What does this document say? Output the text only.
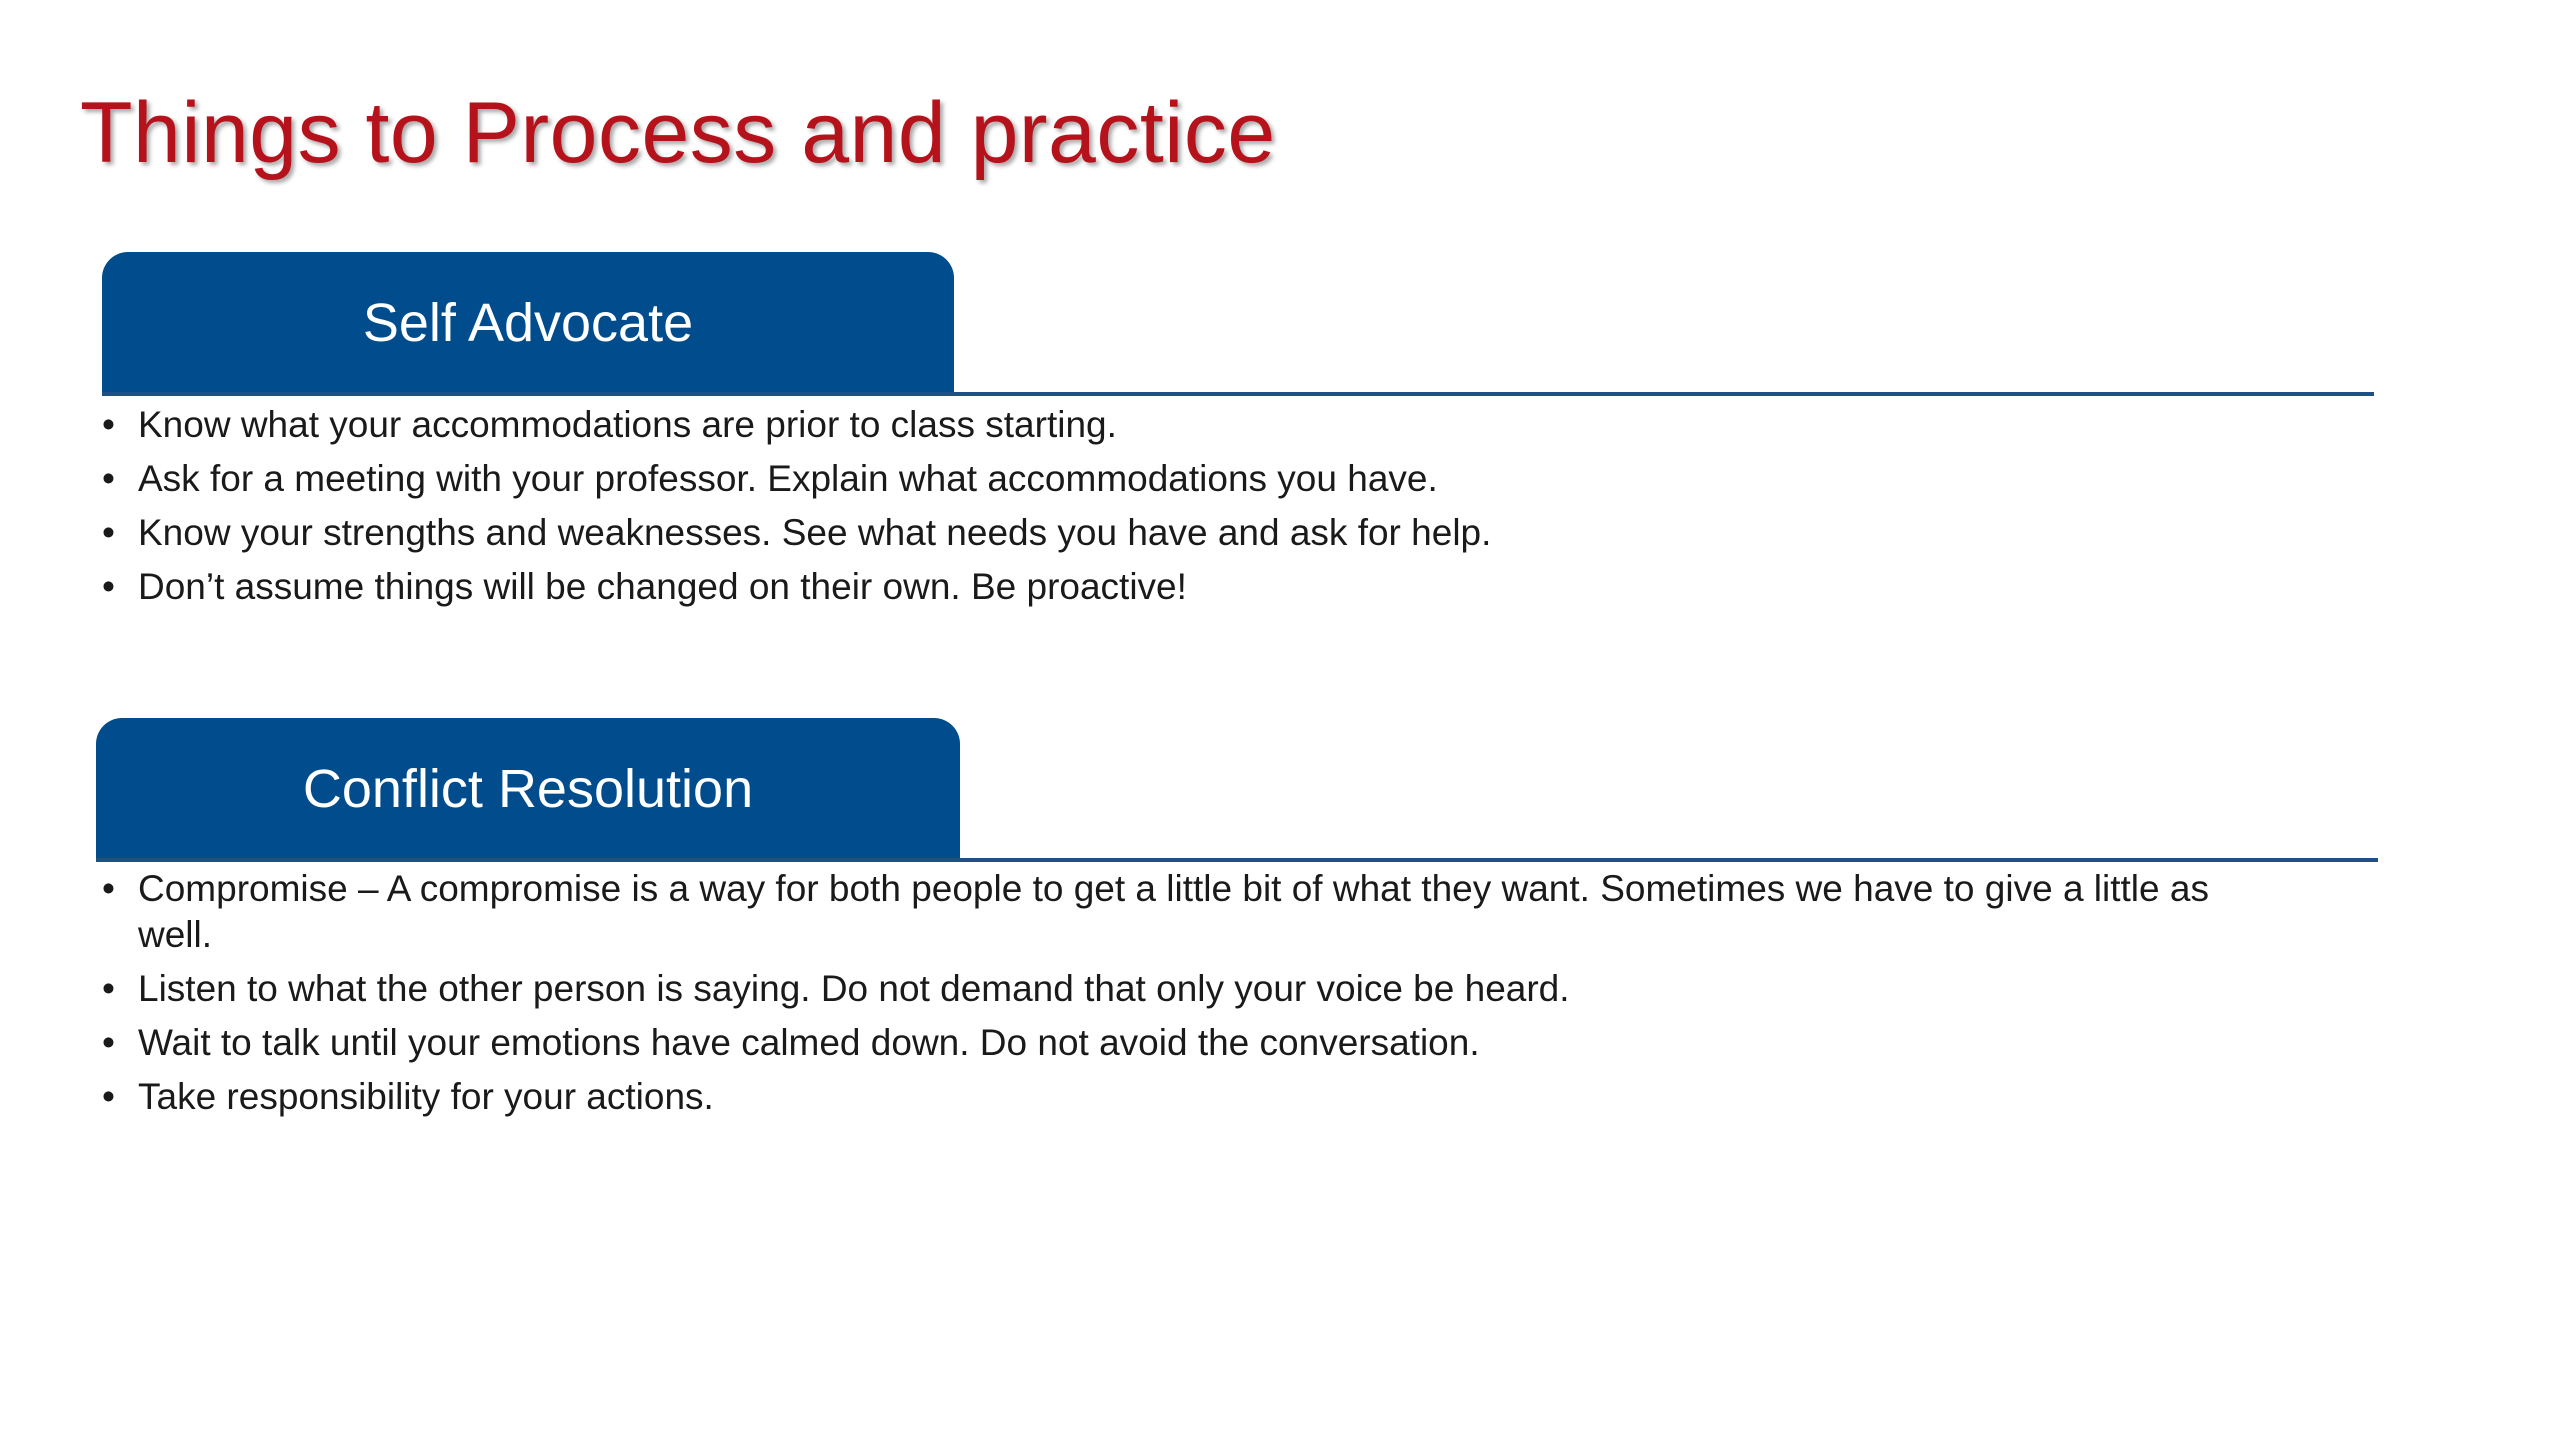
Things to Process and practice
Self Advocate
• Know what your accommodations are prior to class starting.
• Ask for a meeting with your professor. Explain what accommodations you have.
• Know your strengths and weaknesses. See what needs you have and ask for help.
• Don’t assume things will be changed on their own. Be proactive!
Conflict Resolution
• Compromise – A compromise is a way for both people to get a little bit of what they want. Sometimes we have to give a little as well.
• Listen to what the other person is saying. Do not demand that only your voice be heard.
• Wait to talk until your emotions have calmed down. Do not avoid the conversation.
• Take responsibility for your actions.
